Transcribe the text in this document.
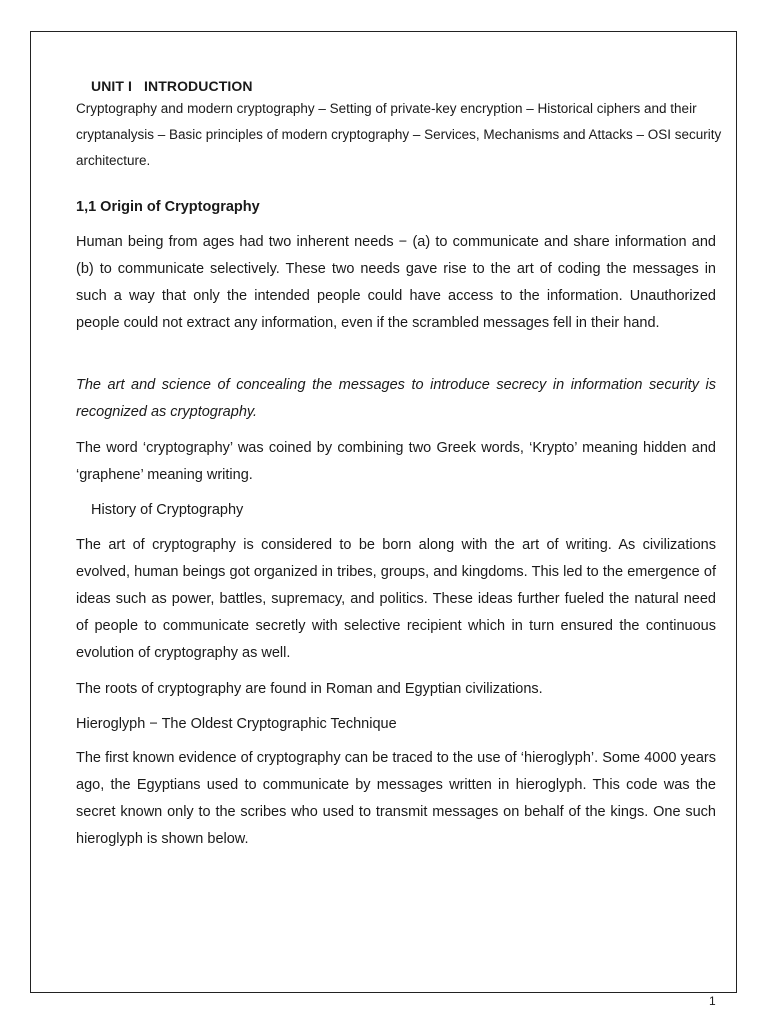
UNIT I   INTRODUCTION
Cryptography and modern cryptography – Setting of private-key encryption – Historical ciphers and their cryptanalysis – Basic principles of modern cryptography – Services, Mechanisms and Attacks – OSI security architecture.
1,1 Origin of Cryptography

Human being from ages had two inherent needs − (a) to communicate and share information and (b) to communicate selectively. These two needs gave rise to the art of coding the messages in such a way that only the intended people could have access to the information. Unauthorized people could not extract any information, even if the scrambled messages fell in their hand.

The art and science of concealing the messages to introduce secrecy in information security is recognized as cryptography.

The word ‘cryptography’ was coined by combining two Greek words, ‘Krypto’ meaning hidden and ‘graphene’ meaning writing.

History of Cryptography

The art of cryptography is considered to be born along with the art of writing. As civilizations evolved, human beings got organized in tribes, groups, and kingdoms. This led to the emergence of ideas such as power, battles, supremacy, and politics. These ideas further fueled the natural need of people to communicate secretly with selective recipient which in turn ensured the continuous evolution of cryptography as well.

The roots of cryptography are found in Roman and Egyptian civilizations.

Hieroglyph − The Oldest Cryptographic Technique

The first known evidence of cryptography can be traced to the use of ‘hieroglyph’. Some 4000 years ago, the Egyptians used to communicate by messages written in hieroglyph. This code was the secret known only to the scribes who used to transmit messages on behalf of the kings. One such hieroglyph is shown below.

1
